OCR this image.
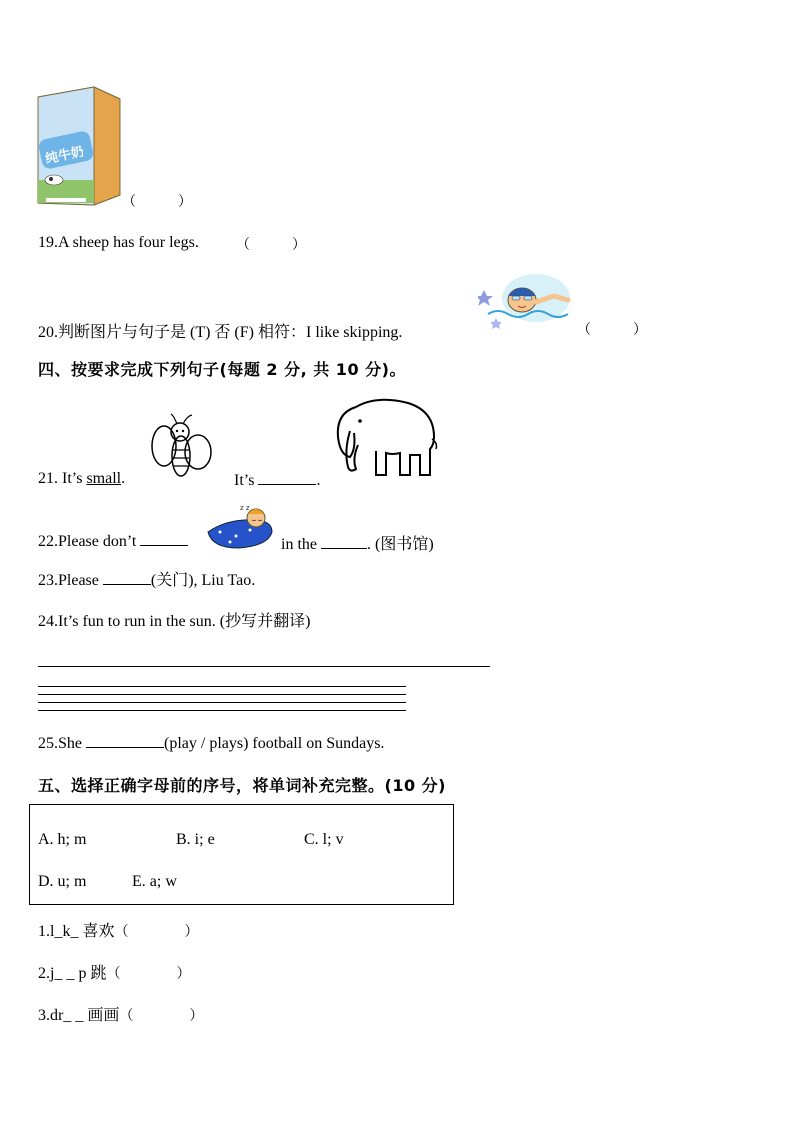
纯牛奶
（　　　）
19.A sheep has four legs.	（　　　）
20.判断图片与句子是 (T) 否 (F) 相符：I like skipping.	（　　　）
四、按要求完成下列句子(每题 2 分, 共 10 分)。
21. It’s small.	It’s	.
22.Please don’t
z z
in the	. (图书馆)
23.Please	(关门), Liu Tao.
24.It’s fun to run in the sun. (抄写并翻译)
25.She	(play / plays) football on Sundays.
五、选择正确字母前的序号，将单词补充完整。(10 分)
A. h; m	B. i; e	C. l; v
D. u; m	E. a; w
1.l_k_ 喜欢（　　　　）
2.j_ _ p 跳（　　　　）
3.dr_ _ 画画（　　　　）
